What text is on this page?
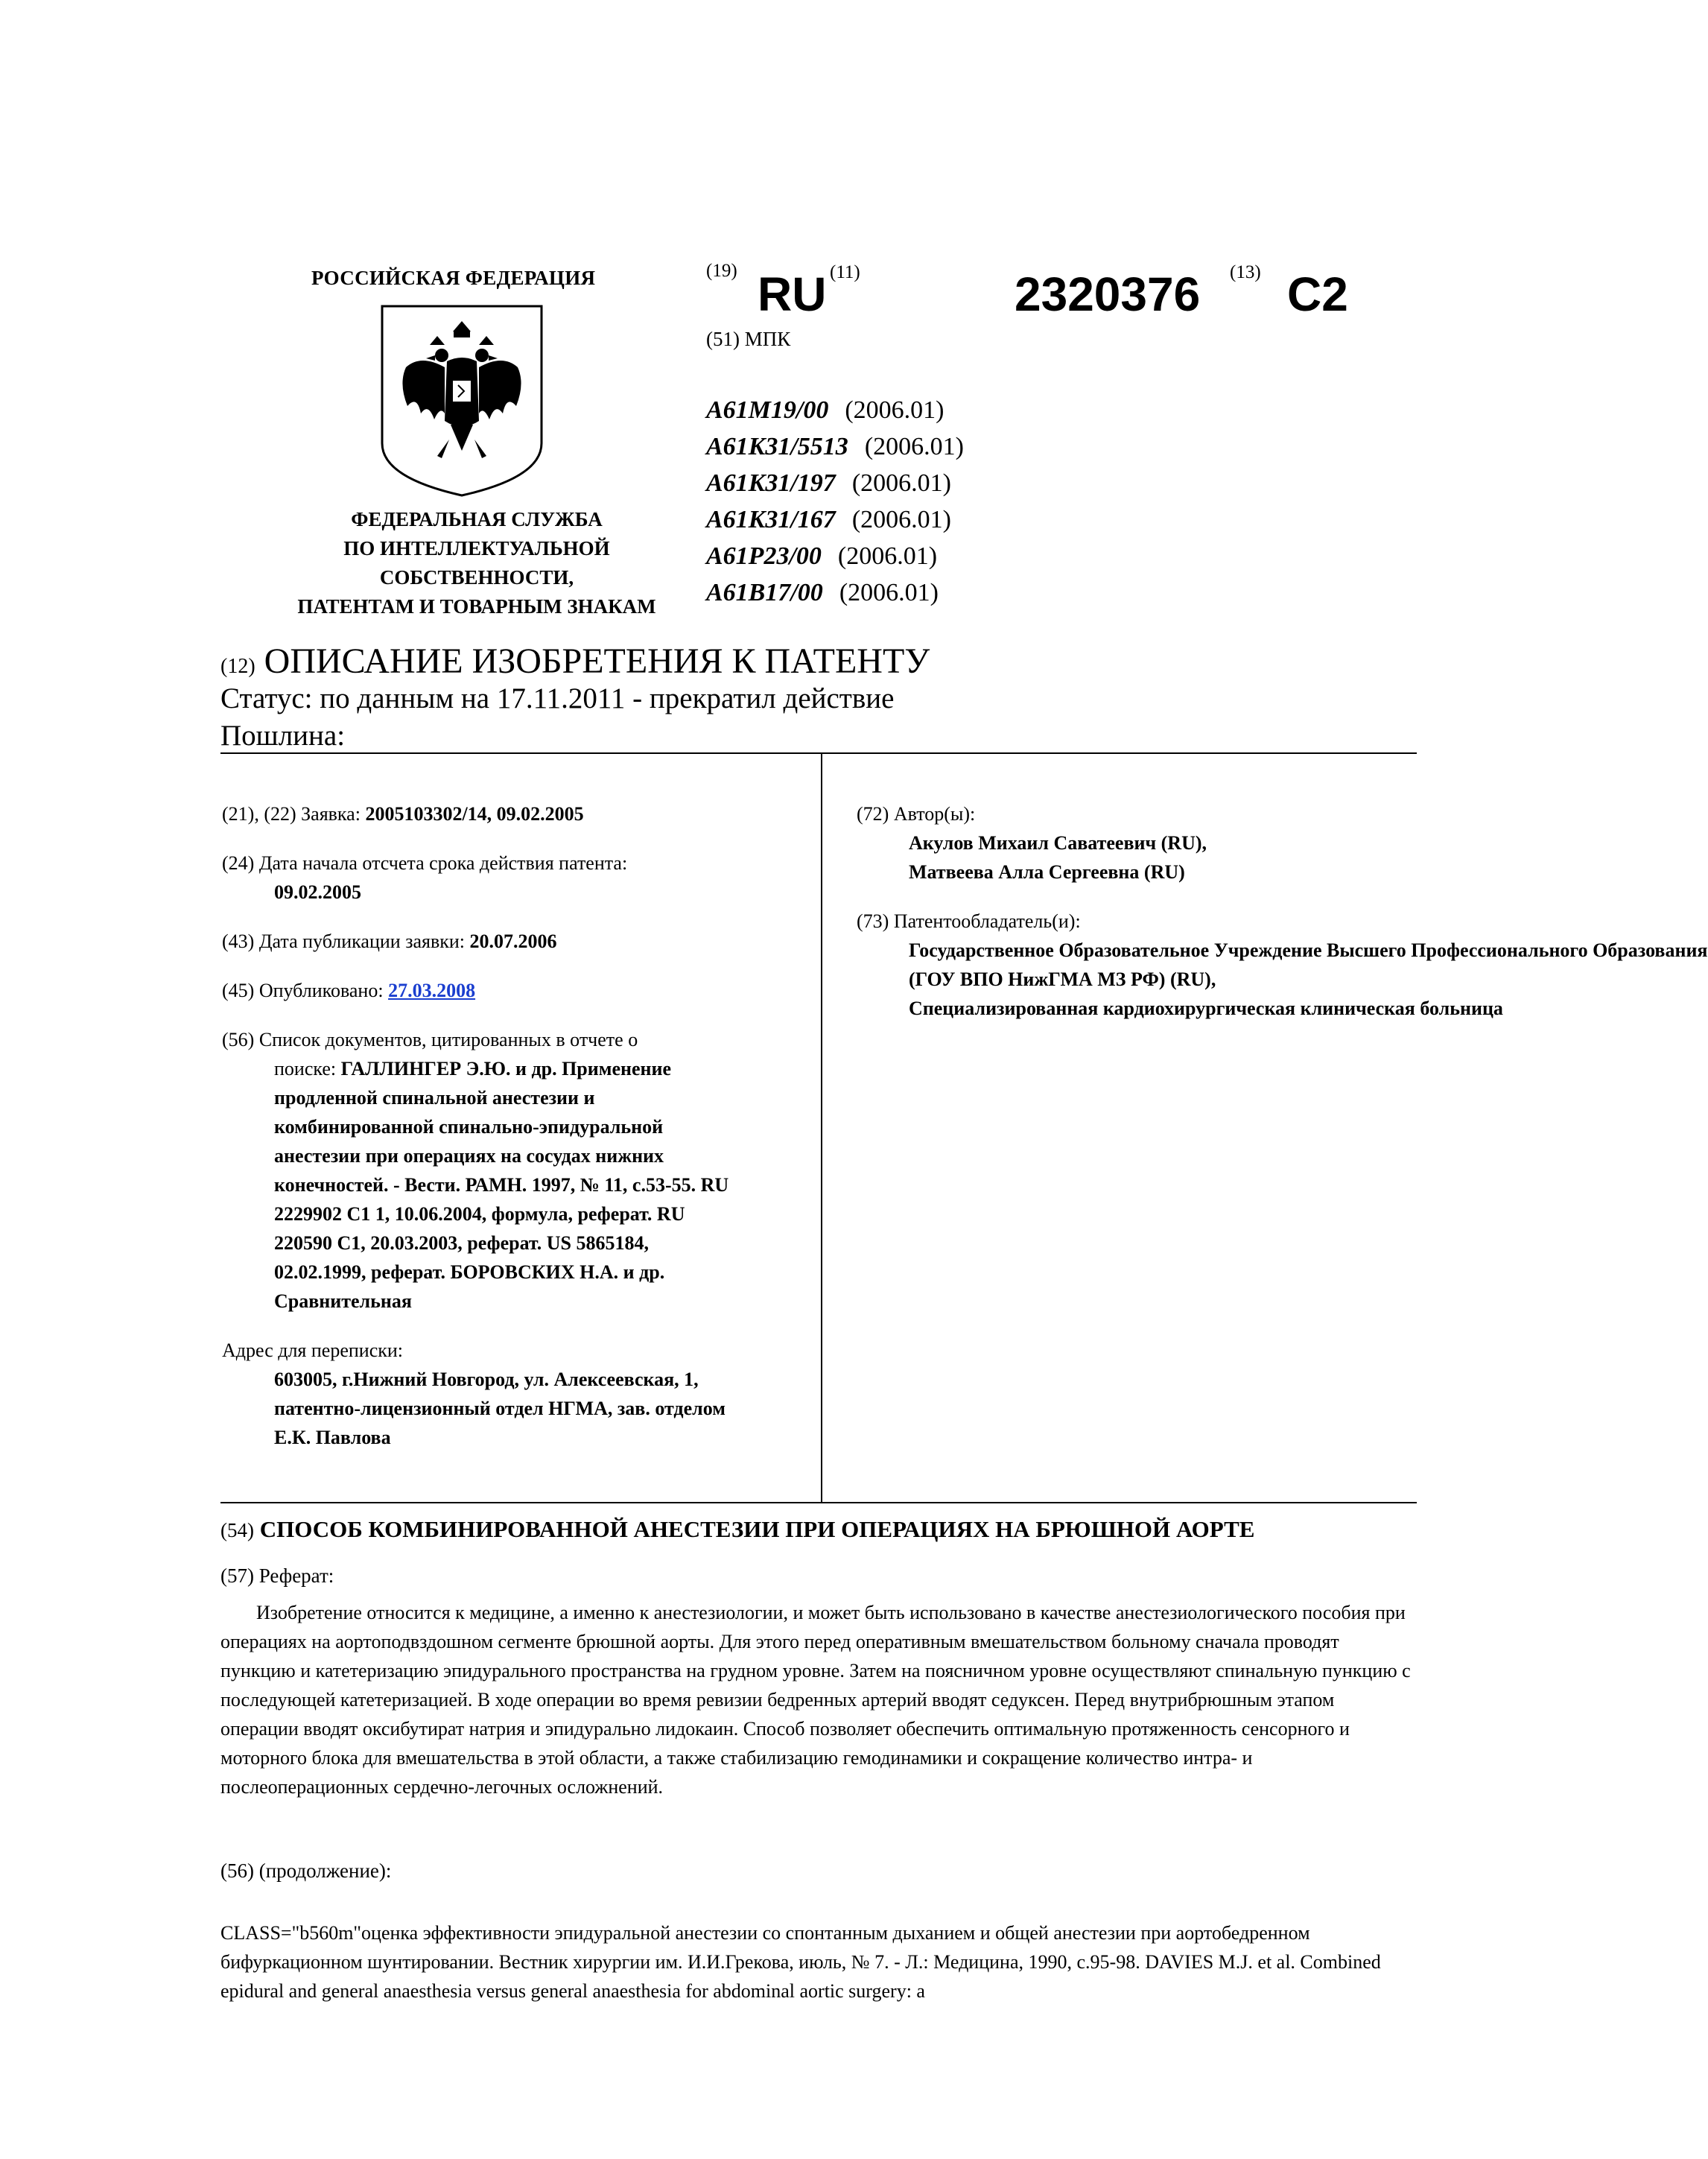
РОССИЙСКАЯ ФЕДЕРАЦИЯ
ФЕДЕРАЛЬНАЯ СЛУЖБА
ПО ИНТЕЛЛЕКТУАЛЬНОЙ
СОБСТВЕННОСТИ,
ПАТЕНТАМ И ТОВАРНЫМ ЗНАКАМ
(19) RU (11)	2320376 (13) C2
(51) МПК
A61M19/00 (2006.01)
A61K31/5513 (2006.01)
A61K31/197 (2006.01)
A61K31/167 (2006.01)
A61P23/00 (2006.01)
A61B17/00 (2006.01)
(12) ОПИСАНИЕ ИЗОБРЕТЕНИЯ К ПАТЕНТУ
Статус: по данным на 17.11.2011 - прекратил действие
Пошлина:
(21), (22) Заявка: 2005103302/14, 09.02.2005
(24) Дата начала отсчета срока действия патента:
09.02.2005
(43) Дата публикации заявки: 20.07.2006
(45) Опубликовано: 27.03.2008
(56) Список документов, цитированных в отчете о
поиске: ГАЛЛИНГЕР Э.Ю. и др. Применение
продленной спинальной анестезии и
комбинированной спинально-эпидуральной
анестезии при операциях на сосудах нижних
конечностей. - Вести. РАМН. 1997, № 11, с.53-55. RU
2229902 C1 1, 10.06.2004, формула, реферат. RU
220590 C1, 20.03.2003, реферат. US 5865184,
02.02.1999, реферат. БОРОВСКИХ Н.А. и др.
Сравнительная
Адрес для переписки:
603005, г.Нижний Новгород, ул. Алексеевская, 1,
патентно-лицензионный отдел НГМА, зав. отделом
Е.К. Павлова
(72) Автор(ы):
Акулов Михаил Саватеевич (RU),
Матвеева Алла Сергеевна (RU)
(73) Патентообладатель(и):
Государственное Образовательное Учреждение Высшего Профессионального Образования
(ГОУ ВПО НижГМА МЗ РФ) (RU),
Специализированная кардиохирургическая клиническая больница
(54) СПОСОБ КОМБИНИРОВАННОЙ АНЕСТЕЗИИ ПРИ ОПЕРАЦИЯХ НА БРЮШНОЙ АОРТЕ
(57) Реферат:
Изобретение относится к медицине, а именно к анестезиологии, и может быть использовано в качестве анестезиологического пособия при операциях на аортоподвздошном сегменте брюшной аорты. Для этого перед оперативным вмешательством больному сначала проводят пункцию и катетеризацию эпидурального пространства на грудном уровне. Затем на поясничном уровне осуществляют спинальную пункцию с последующей катетеризацией. В ходе операции во время ревизии бедренных артерий вводят седуксен. Перед внутрибрюшным этапом операции вводят оксибутират натрия и эпидурально лидокаин. Способ позволяет обеспечить оптимальную протяженность сенсорного и моторного блока для вмешательства в этой области, а также стабилизацию гемодинамики и сокращение количество интра- и послеоперационных сердечно-легочных осложнений.
(56) (продолжение):
CLASS="b560m"оценка эффективности эпидуральной анестезии со спонтанным дыханием и общей анестезии при аортобедренном бифуркационном шунтировании. Вестник хирургии им. И.И.Грекова, июль, № 7. - Л.: Медицина, 1990, с.95-98. DAVIES M.J. et al. Combined epidural and general anaesthesia versus general anaesthesia for abdominal aortic surgery: a
